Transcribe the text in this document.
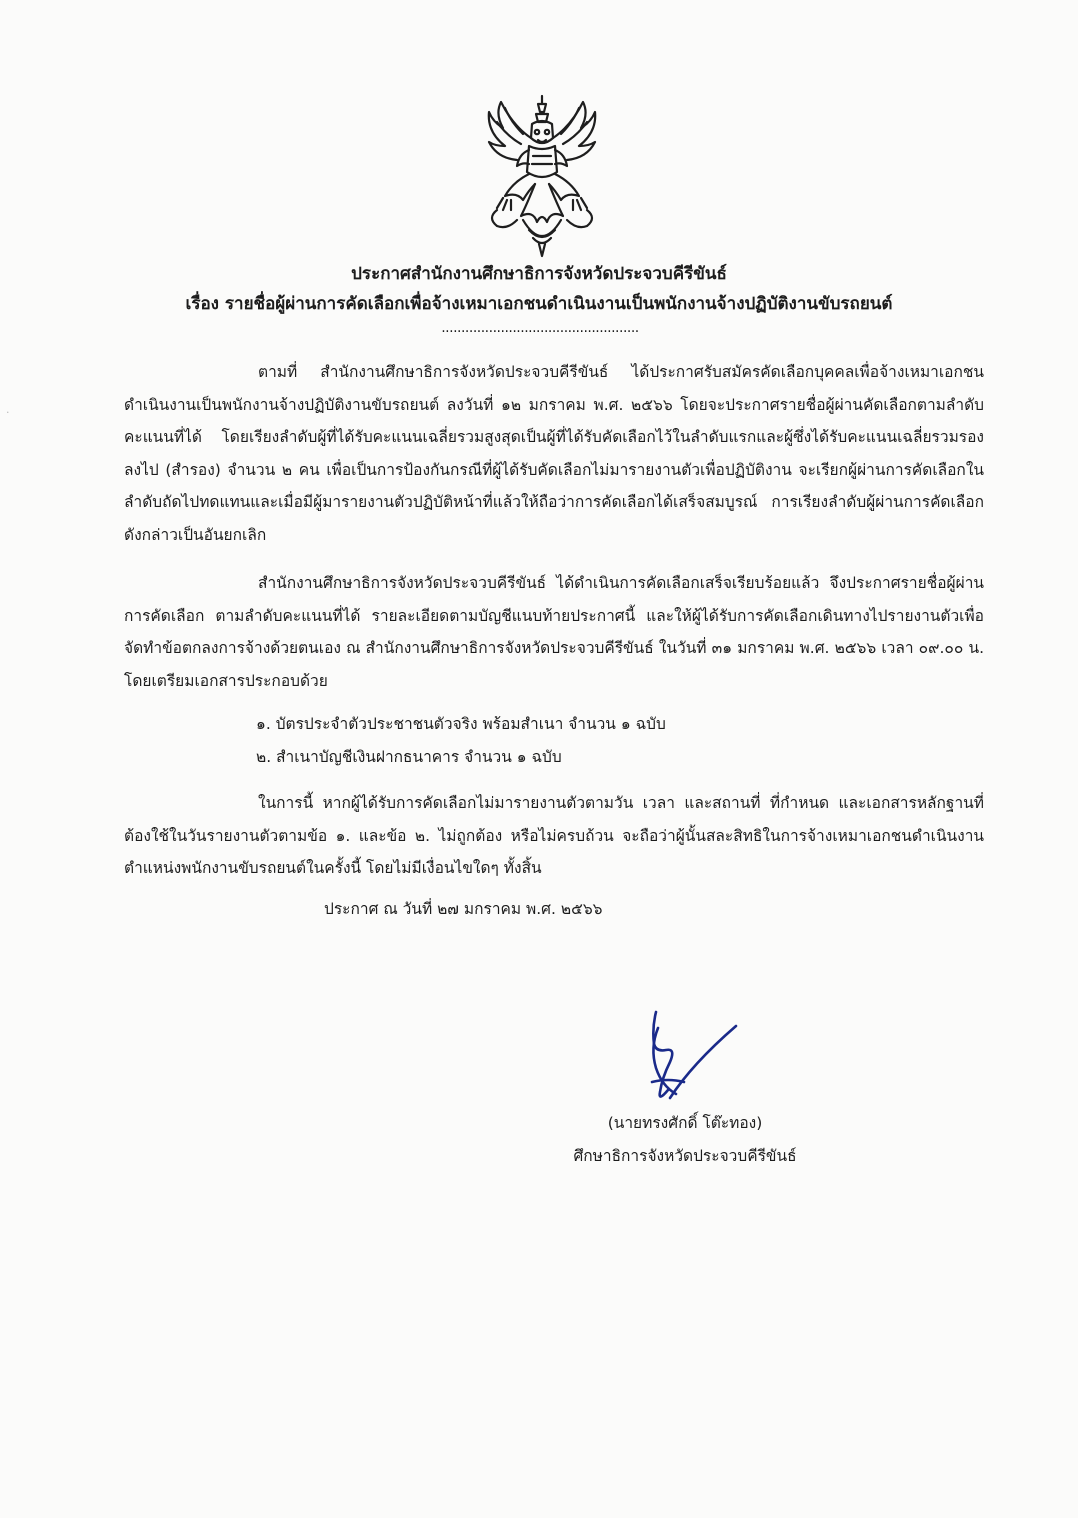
ประกาศสำนักงานศึกษาธิการจังหวัดประจวบคีรีขันธ์
เรื่อง รายชื่อผู้ผ่านการคัดเลือกเพื่อจ้างเหมาเอกชนดำเนินงานเป็นพนักงานจ้างปฏิบัติงานขับรถยนต์
..................................................
ตามที่ สำนักงานศึกษาธิการจังหวัดประจวบคีรีขันธ์ ได้ประกาศรับสมัครคัดเลือกบุคคลเพื่อจ้างเหมาเอกชนดำเนินงานเป็นพนักงานจ้างปฏิบัติงานขับรถยนต์ ลงวันที่ ๑๒ มกราคม พ.ศ. ๒๕๖๖ โดยจะประกาศรายชื่อผู้ผ่านคัดเลือกตามลำดับคะแนนที่ได้ โดยเรียงลำดับผู้ที่ได้รับคะแนนเฉลี่ยรวมสูงสุดเป็นผู้ที่ได้รับคัดเลือกไว้ในลำดับแรกและผู้ซึ่งได้รับคะแนนเฉลี่ยรวมรองลงไป (สำรอง) จำนวน ๒ คน เพื่อเป็นการป้องกันกรณีที่ผู้ได้รับคัดเลือกไม่มารายงานตัวเพื่อปฏิบัติงาน จะเรียกผู้ผ่านการคัดเลือกในลำดับถัดไปทดแทนและเมื่อมีผู้มารายงานตัวปฏิบัติหน้าที่แล้วให้ถือว่าการคัดเลือกได้เสร็จสมบูรณ์ การเรียงลำดับผู้ผ่านการคัดเลือกดังกล่าวเป็นอันยกเลิก
สำนักงานศึกษาธิการจังหวัดประจวบคีรีขันธ์ ได้ดำเนินการคัดเลือกเสร็จเรียบร้อยแล้ว จึงประกาศรายชื่อผู้ผ่านการคัดเลือก ตามลำดับคะแนนที่ได้ รายละเอียดตามบัญชีแนบท้ายประกาศนี้ และให้ผู้ได้รับการคัดเลือกเดินทางไปรายงานตัวเพื่อจัดทำข้อตกลงการจ้างด้วยตนเอง ณ สำนักงานศึกษาธิการจังหวัดประจวบคีรีขันธ์ ในวันที่ ๓๑ มกราคม พ.ศ. ๒๕๖๖ เวลา ๐๙.๐๐ น. โดยเตรียมเอกสารประกอบด้วย
๑. บัตรประจำตัวประชาชนตัวจริง พร้อมสำเนา จำนวน ๑ ฉบับ
๒. สำเนาบัญชีเงินฝากธนาคาร จำนวน ๑ ฉบับ
ในการนี้ หากผู้ได้รับการคัดเลือกไม่มารายงานตัวตามวัน เวลา และสถานที่ ที่กำหนด และเอกสารหลักฐานที่ต้องใช้ในวันรายงานตัวตามข้อ ๑. และข้อ ๒. ไม่ถูกต้อง หรือไม่ครบถ้วน จะถือว่าผู้นั้นสละสิทธิในการจ้างเหมาเอกชนดำเนินงานตำแหน่งพนักงานขับรถยนต์ในครั้งนี้ โดยไม่มีเงื่อนไขใดๆ ทั้งสิ้น
ประกาศ ณ วันที่ ๒๗ มกราคม พ.ศ. ๒๕๖๖
(นายทรงศักดิ์ โต๊ะทอง)
ศึกษาธิการจังหวัดประจวบคีรีขันธ์
·
